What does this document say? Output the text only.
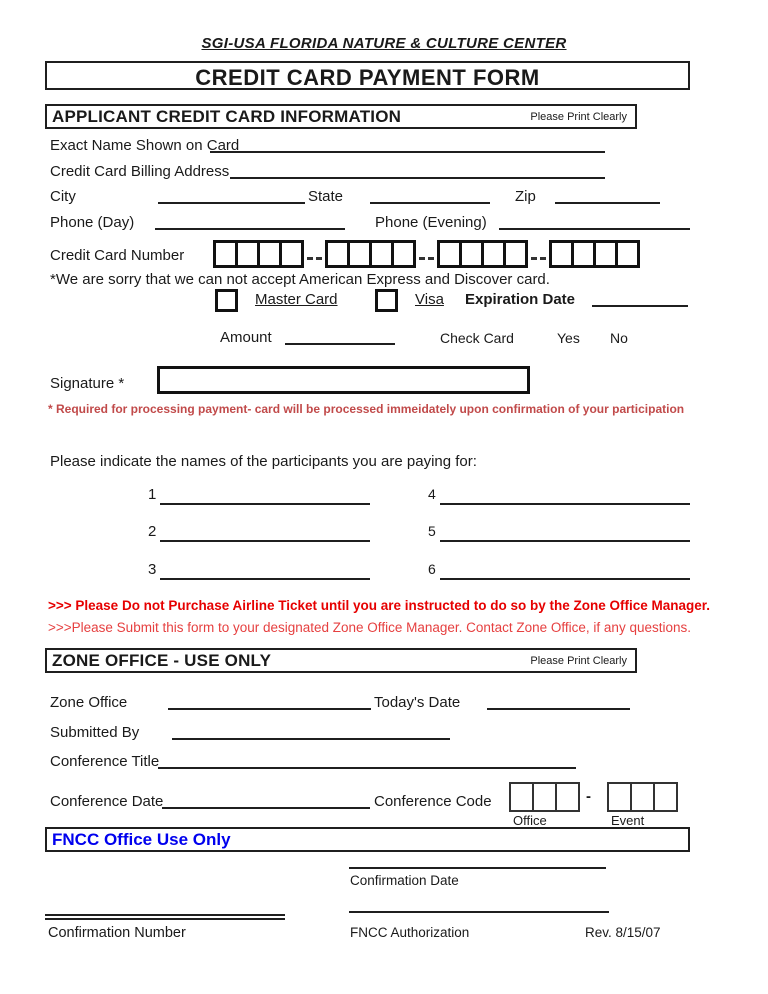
SGI-USA FLORIDA NATURE & CULTURE CENTER
CREDIT CARD PAYMENT FORM
APPLICANT CREDIT CARD INFORMATION	Please Print Clearly
Exact Name Shown on Card
Credit Card Billing Address
City	State	Zip
Phone (Day)	Phone (Evening)
Credit Card Number
*We are sorry that we can not accept American Express and Discover card.
Master Card	Visa Expiration Date
Amount	Check Card	Yes No
Signature *
* Required for processing payment- card will be processed immeidately upon confirmation of your participation
Please indicate the names of the participants you are paying for:
1	4
2	5
3	6
>>> Please Do not Purchase Airline Ticket until you are instructed to do so by the Zone Office Manager.
>>>Please Submit this form to your designated Zone Office Manager. Contact Zone Office, if any questions.
ZONE OFFICE - USE ONLY	Please Print Clearly
Zone Office	Today's Date
Submitted By
Conference Title
Conference Date	Conference Code	-
Office	Event
FNCC Office Use Only
Confirmation Date
Confirmation Number	FNCC Authorization	Rev. 8/15/07
